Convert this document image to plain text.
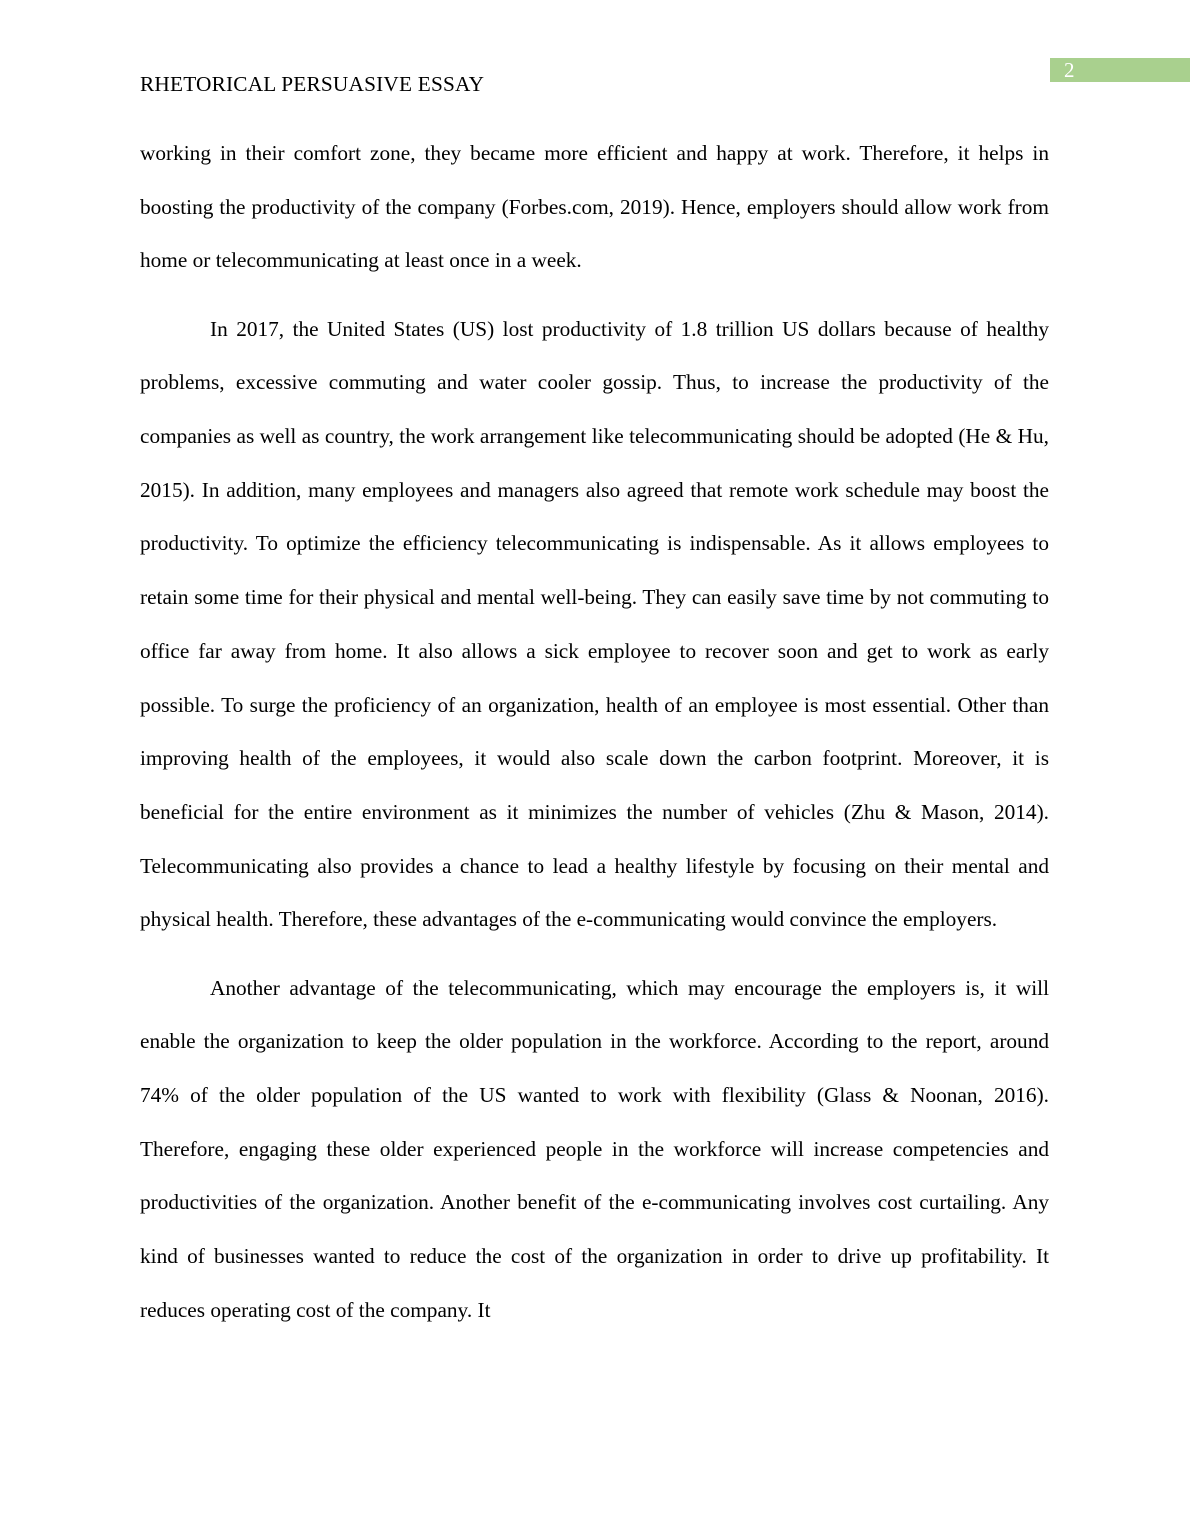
2
RHETORICAL PERSUASIVE ESSAY

working in their comfort zone, they became more efficient and happy at work. Therefore, it helps in boosting the productivity of the company (Forbes.com, 2019). Hence, employers should allow work from home or telecommunicating at least once in a week.

In 2017, the United States (US) lost productivity of 1.8 trillion US dollars because of healthy problems, excessive commuting and water cooler gossip. Thus, to increase the productivity of the companies as well as country, the work arrangement like telecommunicating should be adopted (He & Hu, 2015). In addition, many employees and managers also agreed that remote work schedule may boost the productivity. To optimize the efficiency telecommunicating is indispensable. As it allows employees to retain some time for their physical and mental well-being. They can easily save time by not commuting to office far away from home. It also allows a sick employee to recover soon and get to work as early possible. To surge the proficiency of an organization, health of an employee is most essential. Other than improving health of the employees, it would also scale down the carbon footprint. Moreover, it is beneficial for the entire environment as it minimizes the number of vehicles (Zhu & Mason, 2014). Telecommunicating also provides a chance to lead a healthy lifestyle by focusing on their mental and physical health. Therefore, these advantages of the e-communicating would convince the employers.

Another advantage of the telecommunicating, which may encourage the employers is, it will enable the organization to keep the older population in the workforce. According to the report, around 74% of the older population of the US wanted to work with flexibility (Glass & Noonan, 2016). Therefore, engaging these older experienced people in the workforce will increase competencies and productivities of the organization. Another benefit of the e-communicating involves cost curtailing. Any kind of businesses wanted to reduce the cost of the organization in order to drive up profitability. It reduces operating cost of the company. It
